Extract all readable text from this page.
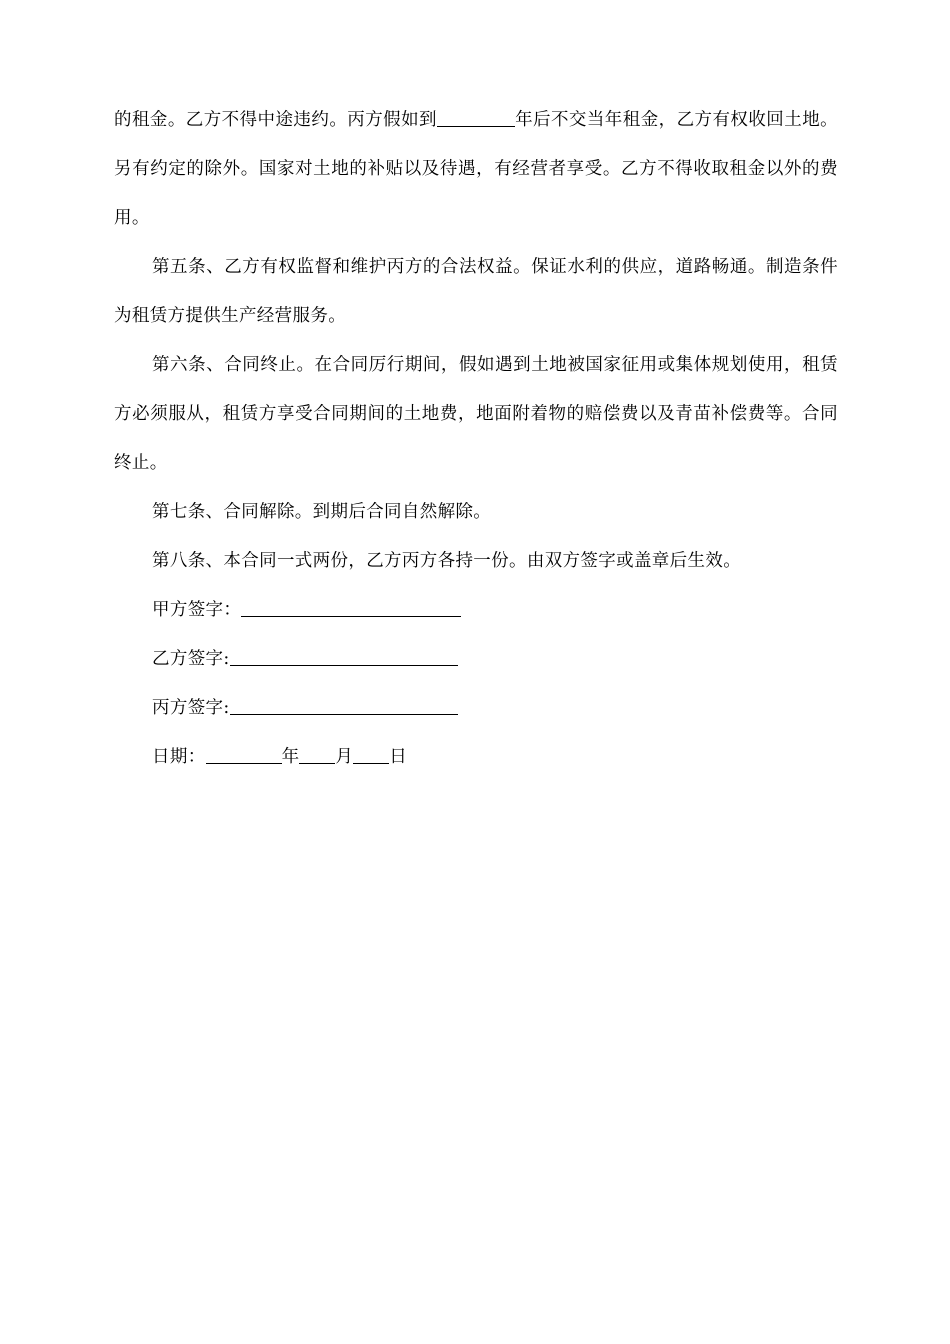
的租金。乙方不得中途违约。丙方假如到	年后不交当年租金，乙方有权收回土地。另有约定的除外。国家对土地的补贴以及待遇，有经营者享受。乙方不得收取租金以外的费用。

第五条、乙方有权监督和维护丙方的合法权益。保证水利的供应，道路畅通。制造条件为租赁方提供生产经营服务。

第六条、合同终止。在合同厉行期间，假如遇到土地被国家征用或集体规划使用，租赁方必须服从，租赁方享受合同期间的土地费，地面附着物的赔偿费以及青苗补偿费等。合同终止。

第七条、合同解除。到期后合同自然解除。

第八条、本合同一式两份，乙方丙方各持一份。由双方签字或盖章后生效。

甲方签字：

乙方签字:

丙方签字:

日期：	年 月 日
